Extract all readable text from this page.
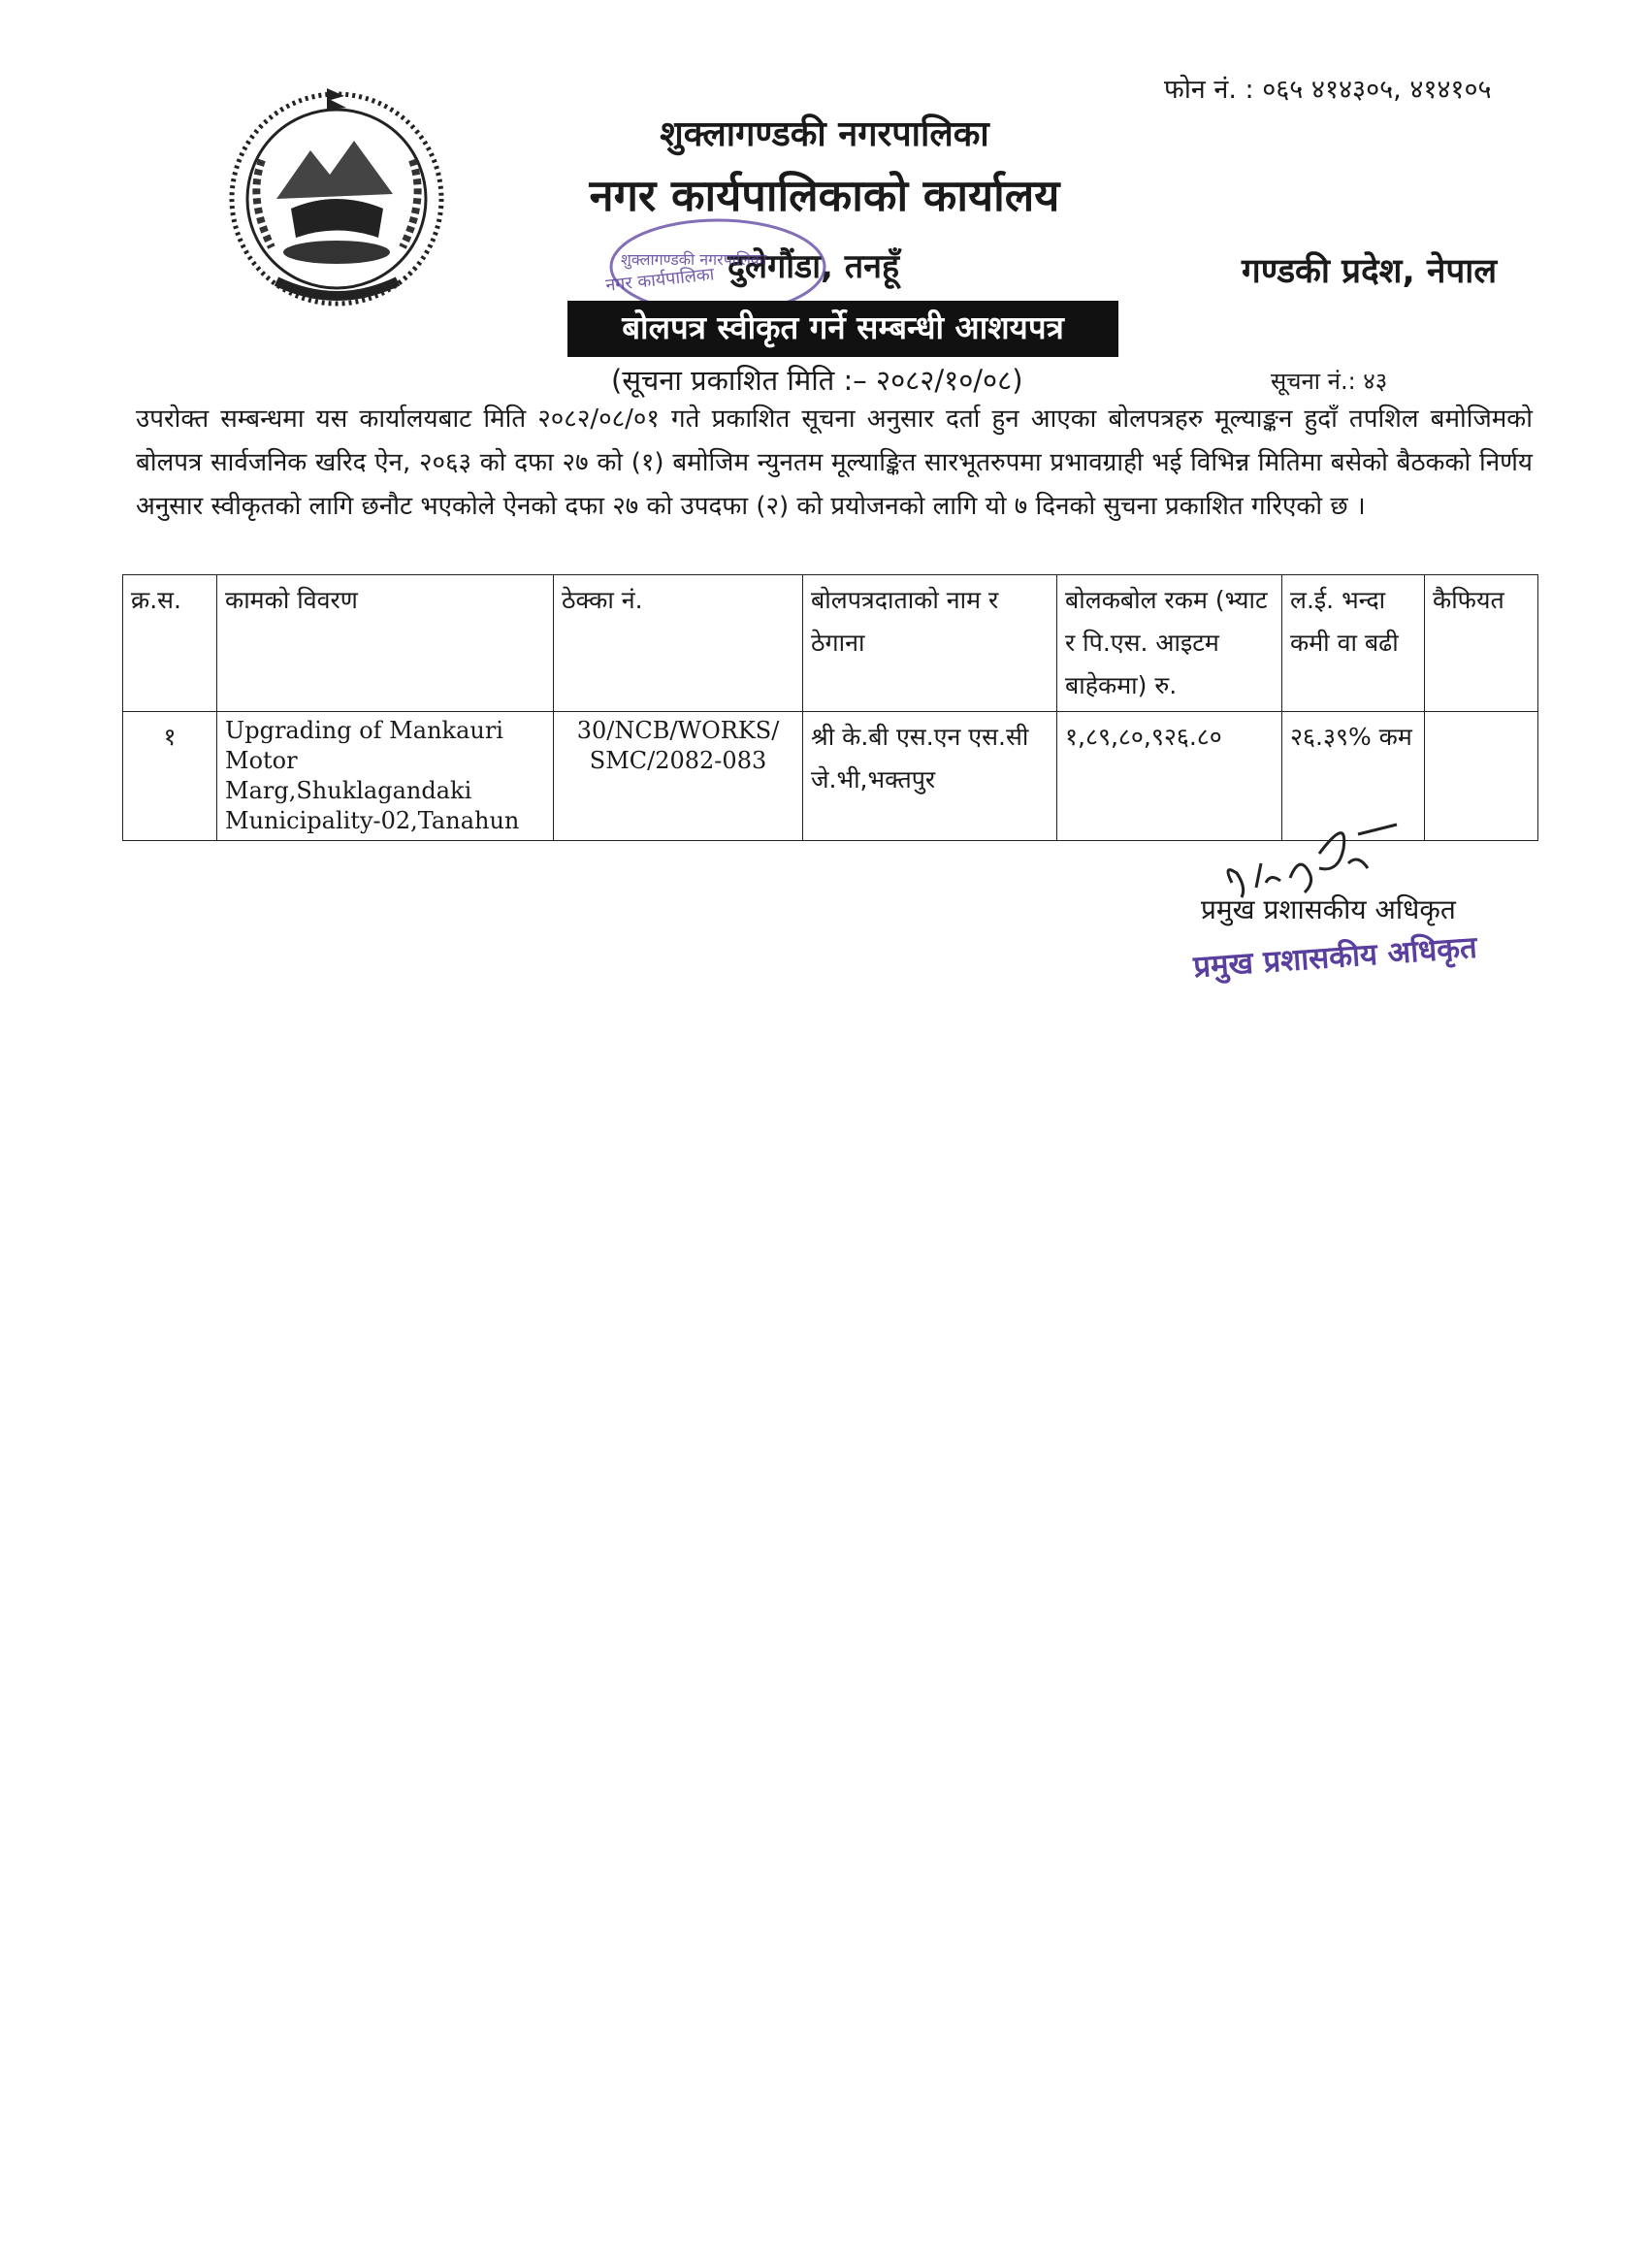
फोन नं. : ०६५ ४१४३०५, ४१४१०५
शुक्लागण्डकी नगरपालिका
नगर कार्यपालिकाको कार्यालय
दुलेगौंडा, तनहूँ	गण्डकी प्रदेश, नेपाल
शुक्लागण्डकी नगरपालिका
नगर कार्यपालिका
बोलपत्र स्वीकृत गर्ने सम्बन्धी आशयपत्र
(सूचना प्रकाशित मिति :– २०८२/१०/०८)	सूचना नं.: ४३
उपरोक्त सम्बन्धमा यस कार्यालयबाट मिति २०८२/०८/०१ गते प्रकाशित सूचना अनुसार दर्ता हुन आएका बोलपत्रहरु मूल्याङ्कन हुदाँ तपशिल बमोजिमको बोलपत्र सार्वजनिक खरिद ऐन, २०६३ को दफा २७ को (१) बमोजिम न्युनतम मूल्याङ्कित सारभूतरुपमा प्रभावग्राही भई विभिन्न मितिमा बसेको बैठकको निर्णय अनुसार स्वीकृतको लागि छनौट भएकोले ऐनको दफा २७ को उपदफा (२) को प्रयोजनको लागि यो ७ दिनको सुचना प्रकाशित गरिएको छ ।
क्र.स.	कामको विवरण	ठेक्का नं.	बोलपत्रदाताको नाम र ठेगाना	बोलकबोल रकम (भ्याट र पि.एस. आइटम बाहेकमा) रु.	ल.ई. भन्दा कमी वा बढी	कैफियत
१	Upgrading of Mankauri Motor Marg,Shuklagandaki Municipality-02,Tanahun	30/NCB/WORKS/ SMC/2082-083	श्री के.बी एस.एन एस.सी जे.भी,भक्तपुर	१,८९,८०,९२६.८०	२६.३९% कम	
प्रमुख प्रशासकीय अधिकृत
प्रमुख प्रशासकीय अधिकृत
